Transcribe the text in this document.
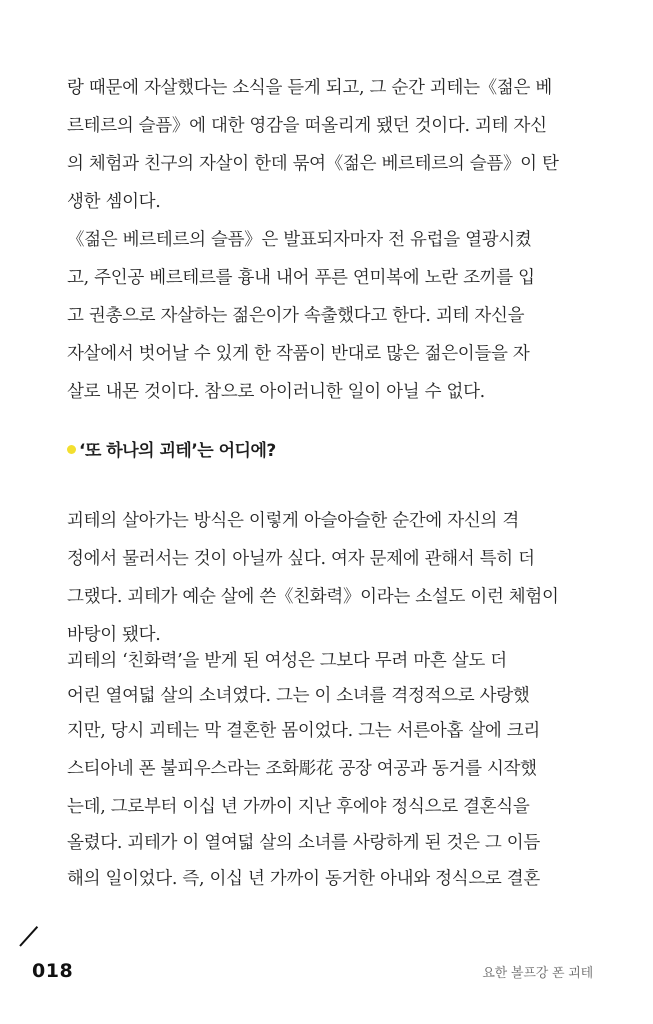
랑 때문에 자살했다는 소식을 듣게 되고, 그 순간 괴테는《젊은 베
르테르의 슬픔》에 대한 영감을 떠올리게 됐던 것이다. 괴테 자신
의 체험과 친구의 자살이 한데 묶여《젊은 베르테르의 슬픔》이 탄
생한 셈이다.
《젊은 베르테르의 슬픔》은 발표되자마자 전 유럽을 열광시켰
고, 주인공 베르테르를 흉내 내어 푸른 연미복에 노란 조끼를 입
고 권총으로 자살하는 젊은이가 속출했다고 한다. 괴테 자신을
자살에서 벗어날 수 있게 한 작품이 반대로 많은 젊은이들을 자
살로 내몬 것이다. 참으로 아이러니한 일이 아닐 수 없다.
‘또 하나의 괴테’는 어디에?
괴테의 살아가는 방식은 이렇게 아슬아슬한 순간에 자신의 격
정에서 물러서는 것이 아닐까 싶다. 여자 문제에 관해서 특히 더
그랬다. 괴테가 예순 살에 쓴《친화력》이라는 소설도 이런 체험이
바탕이 됐다.
괴테의 ‘친화력’을 받게 된 여성은 그보다 무려 마흔 살도 더
어린 열여덟 살의 소녀였다. 그는 이 소녀를 격정적으로 사랑했
지만, 당시 괴테는 막 결혼한 몸이었다. 그는 서른아홉 살에 크리
스티아네 폰 불피우스라는 조화彫花 공장 여공과 동거를 시작했
는데, 그로부터 이십 년 가까이 지난 후에야 정식으로 결혼식을
올렸다. 괴테가 이 열여덟 살의 소녀를 사랑하게 된 것은 그 이듬
해의 일이었다. 즉, 이십 년 가까이 동거한 아내와 정식으로 결혼
018	요한 볼프강 폰 괴테
